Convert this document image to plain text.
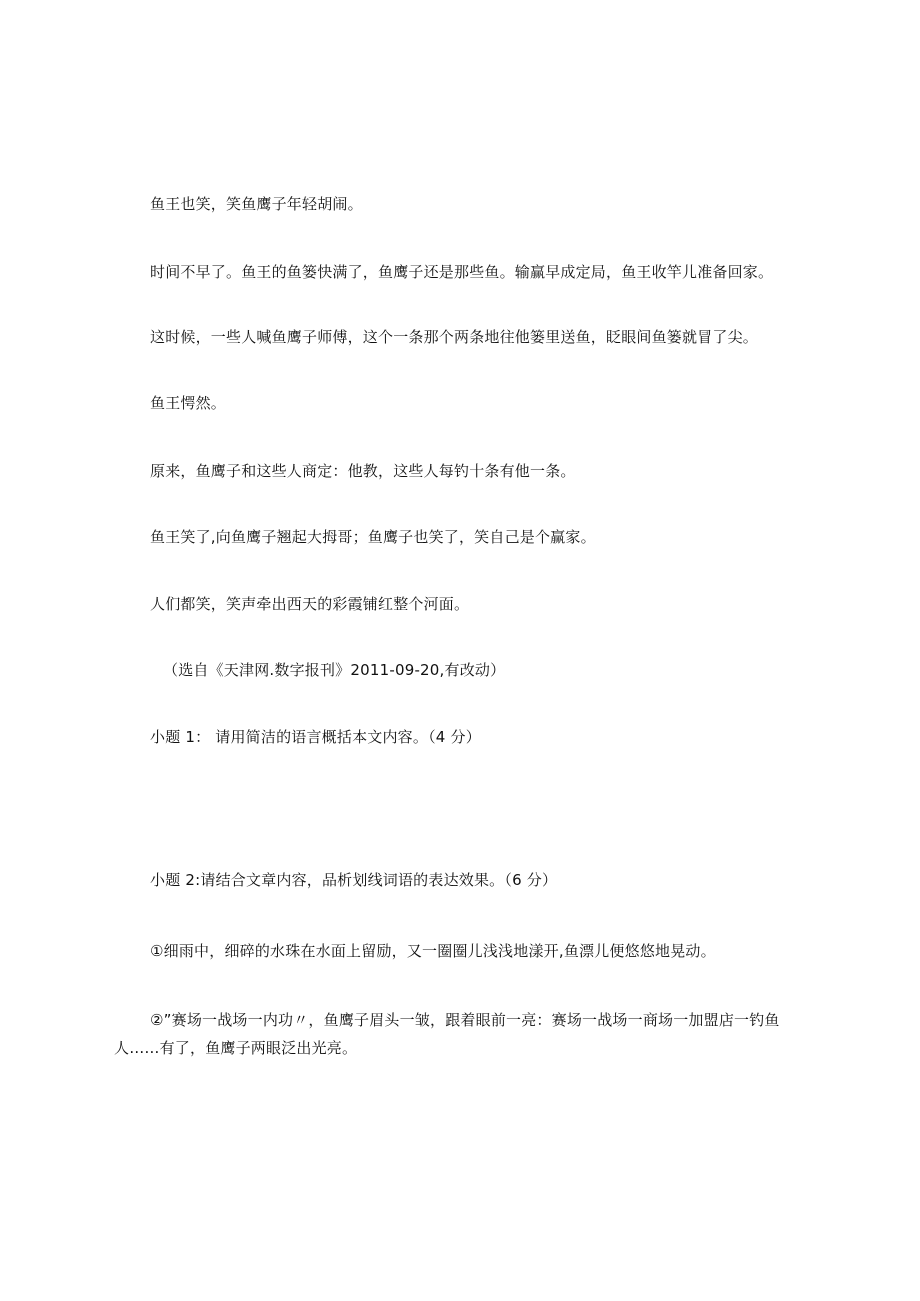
鱼王也笑，笑鱼鹰子年轻胡闹。
时间不早了。鱼王的鱼篓快满了，鱼鹰子还是那些鱼。输赢早成定局，鱼王收竿儿准备回家。
这时候，一些人喊鱼鹰子师傅，这个一条那个两条地往他篓里送鱼，眨眼间鱼篓就冒了尖。
鱼王愕然。
原来，鱼鹰子和这些人商定：他教，这些人每钓十条有他一条。
鱼王笑了,向鱼鹰子翘起大拇哥；鱼鹰子也笑了，笑自己是个赢家。
人们都笑，笑声牵出西天的彩霞铺红整个河面。
（选自《天津网.数字报刊》2011-09-20,有改动）
小题 1： 请用简洁的语言概括本文内容。（4 分）
小题 2:请结合文章内容，品析划线词语的表达效果。（6 分）
①细雨中，细碎的水珠在水面上留励，又一圈圈儿浅浅地漾开,鱼漂儿便悠悠地晃动。
②”赛场一战场一内功〃，鱼鹰子眉头一皱，跟着眼前一亮：赛场一战场一商场一加盟店一钓鱼人……有了，鱼鹰子两眼泛出光亮。
